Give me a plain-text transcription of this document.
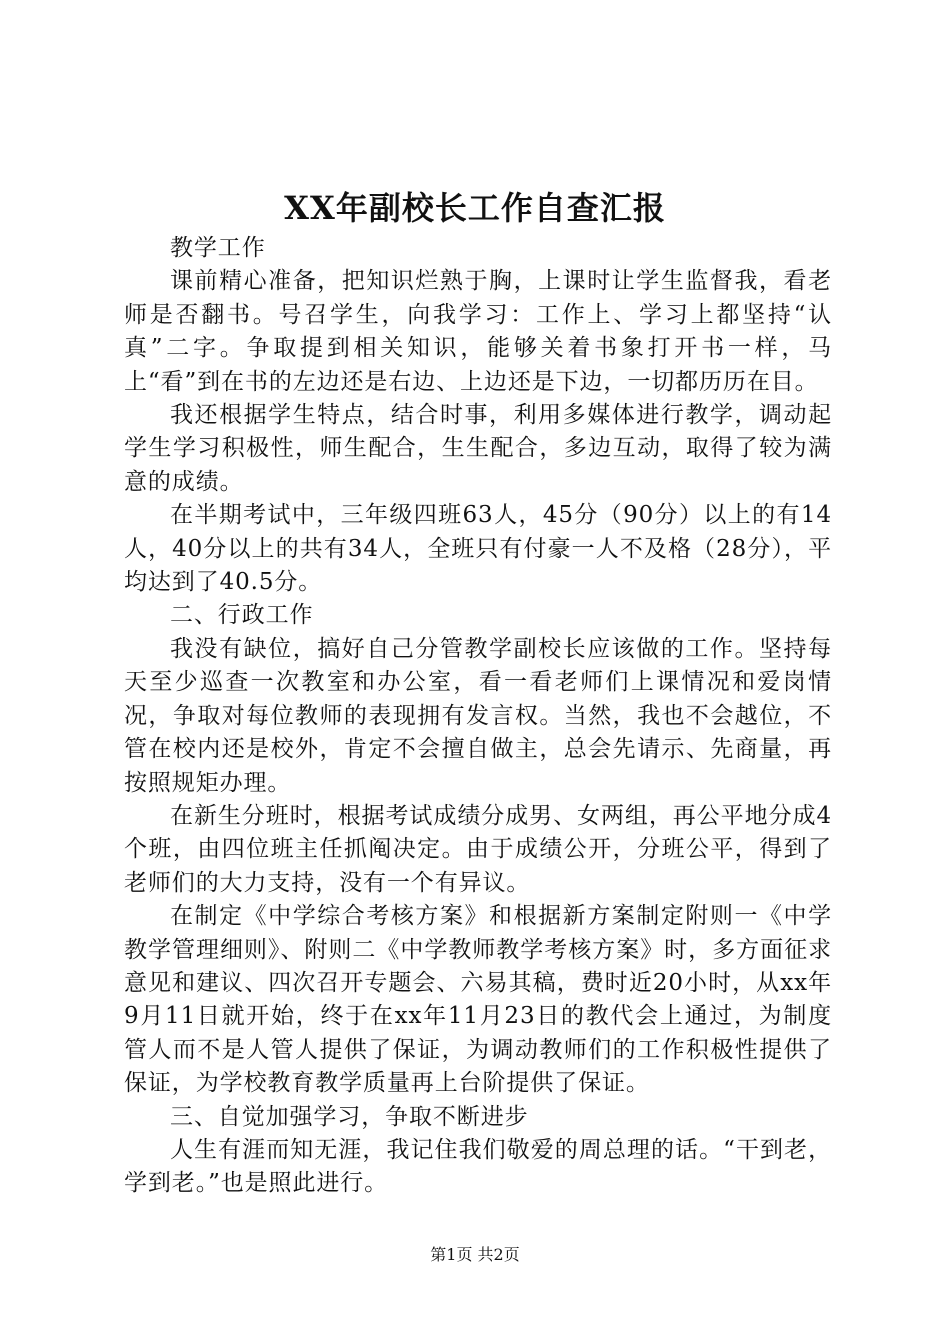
XX年副校长工作自查汇报

教学工作

课前精心准备，把知识烂熟于胸，上课时让学生监督我，看老师是否翻书。号召学生，向我学习：工作上、学习上都坚持“认真”二字。争取提到相关知识，能够关着书象打开书一样，马上“看”到在书的左边还是右边、上边还是下边，一切都历历在目。

我还根据学生特点，结合时事，利用多媒体进行教学，调动起学生学习积极性，师生配合，生生配合，多边互动，取得了较为满意的成绩。

在半期考试中，三年级四班63人，45分（90分）以上的有14人，40分以上的共有34人，全班只有付豪一人不及格（28分），平均达到了40.5分。

二、行政工作

我没有缺位，搞好自己分管教学副校长应该做的工作。坚持每天至少巡查一次教室和办公室，看一看老师们上课情况和爱岗情况，争取对每位教师的表现拥有发言权。当然，我也不会越位，不管在校内还是校外，肯定不会擅自做主，总会先请示、先商量，再按照规矩办理。

在新生分班时，根据考试成绩分成男、女两组，再公平地分成4个班，由四位班主任抓阄决定。由于成绩公开，分班公平，得到了老师们的大力支持，没有一个有异议。

在制定《中学综合考核方案》和根据新方案制定附则一《中学教学管理细则》、附则二《中学教师教学考核方案》时，多方面征求意见和建议、四次召开专题会、六易其稿，费时近20小时，从xx年9月11日就开始，终于在xx年11月23日的教代会上通过，为制度管人而不是人管人提供了保证，为调动教师们的工作积极性提供了保证，为学校教育教学质量再上台阶提供了保证。

三、自觉加强学习，争取不断进步

人生有涯而知无涯，我记住我们敬爱的周总理的话。“干到老，学到老。”也是照此进行。

第1页 共2页
